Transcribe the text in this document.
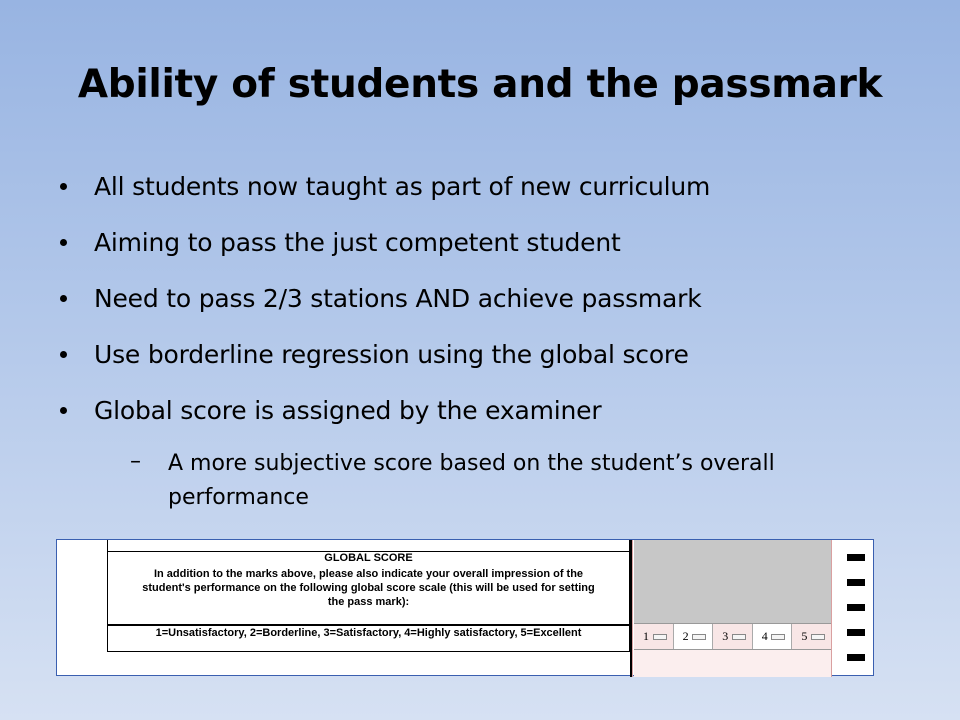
Ability of students and the passmark
All students now taught as part of new curriculum
Aiming to pass the just competent student
Need to pass 2/3 stations AND achieve passmark
Use borderline regression using the global score
Global score is assigned by the examiner
– A more subjective score based on the student’s overall
performance
GLOBAL SCORE
In addition to the marks above, please also indicate your overall impression of the
student's performance on the following global score scale (this will be used for setting
the pass mark):
1=Unsatisfactory, 2=Borderline, 3=Satisfactory, 4=Highly satisfactory, 5=Excellent	1	2	3	4	5
